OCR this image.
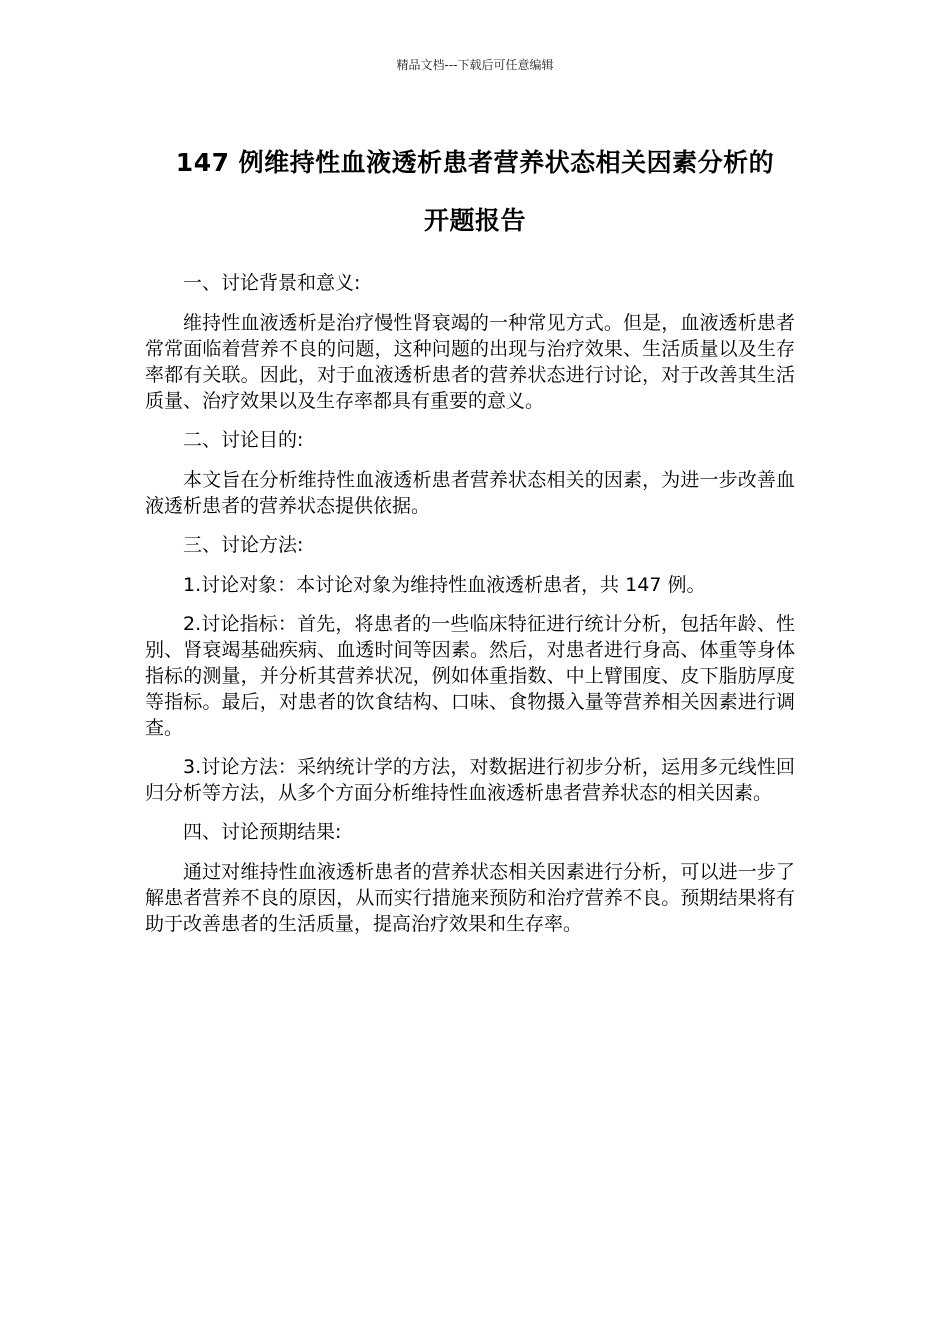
精品文档---下载后可任意编辑
147 例维持性血液透析患者营养状态相关因素分析的
开题报告

一、讨论背景和意义:

维持性血液透析是治疗慢性肾衰竭的一种常见方式。但是，血液透析患者常常面临着营养不良的问题，这种问题的出现与治疗效果、生活质量以及生存率都有关联。因此，对于血液透析患者的营养状态进行讨论，对于改善其生活质量、治疗效果以及生存率都具有重要的意义。

二、讨论目的:

本文旨在分析维持性血液透析患者营养状态相关的因素，为进一步改善血液透析患者的营养状态提供依据。

三、讨论方法:

1.讨论对象：本讨论对象为维持性血液透析患者，共 147 例。

2.讨论指标：首先，将患者的一些临床特征进行统计分析，包括年龄、性别、肾衰竭基础疾病、血透时间等因素。然后，对患者进行身高、体重等身体指标的测量，并分析其营养状况，例如体重指数、中上臂围度、皮下脂肪厚度等指标。最后，对患者的饮食结构、口味、食物摄入量等营养相关因素进行调查。

3.讨论方法：采纳统计学的方法，对数据进行初步分析，运用多元线性回归分析等方法，从多个方面分析维持性血液透析患者营养状态的相关因素。

四、讨论预期结果:

通过对维持性血液透析患者的营养状态相关因素进行分析，可以进一步了解患者营养不良的原因，从而实行措施来预防和治疗营养不良。预期结果将有助于改善患者的生活质量，提高治疗效果和生存率。
